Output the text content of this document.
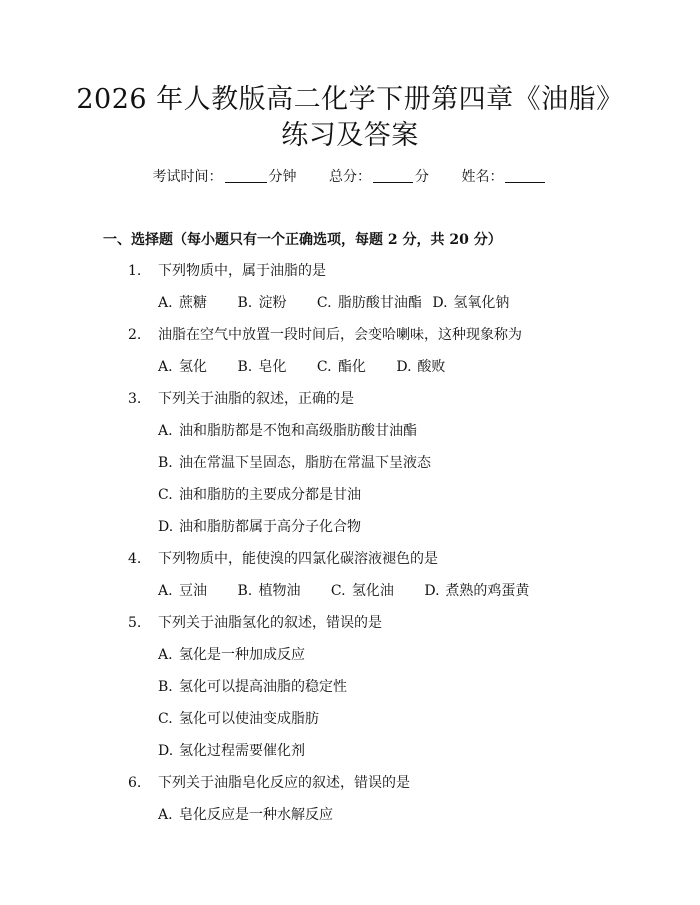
2026 年人教版高二化学下册第四章《油脂》
练习及答案
考试时间：	分钟 总分：	分 姓名：
一、选择题（每小题只有一个正确选项，每题 2 分，共 20 分）
1. 下列物质中，属于油脂的是
A. 蔗糖 B. 淀粉 C. 脂肪酸甘油酯 D. 氢氧化钠
2. 油脂在空气中放置一段时间后，会变哈喇味，这种现象称为
A. 氢化 B. 皂化 C. 酯化 D. 酸败
3. 下列关于油脂的叙述，正确的是
A. 油和脂肪都是不饱和高级脂肪酸甘油酯
B. 油在常温下呈固态，脂肪在常温下呈液态
C. 油和脂肪的主要成分都是甘油
D. 油和脂肪都属于高分子化合物
4. 下列物质中，能使溴的四氯化碳溶液褪色的是
A. 豆油 B. 植物油 C. 氢化油 D. 煮熟的鸡蛋黄
5. 下列关于油脂氢化的叙述，错误的是
A. 氢化是一种加成反应
B. 氢化可以提高油脂的稳定性
C. 氢化可以使油变成脂肪
D. 氢化过程需要催化剂
6. 下列关于油脂皂化反应的叙述，错误的是
A. 皂化反应是一种水解反应
